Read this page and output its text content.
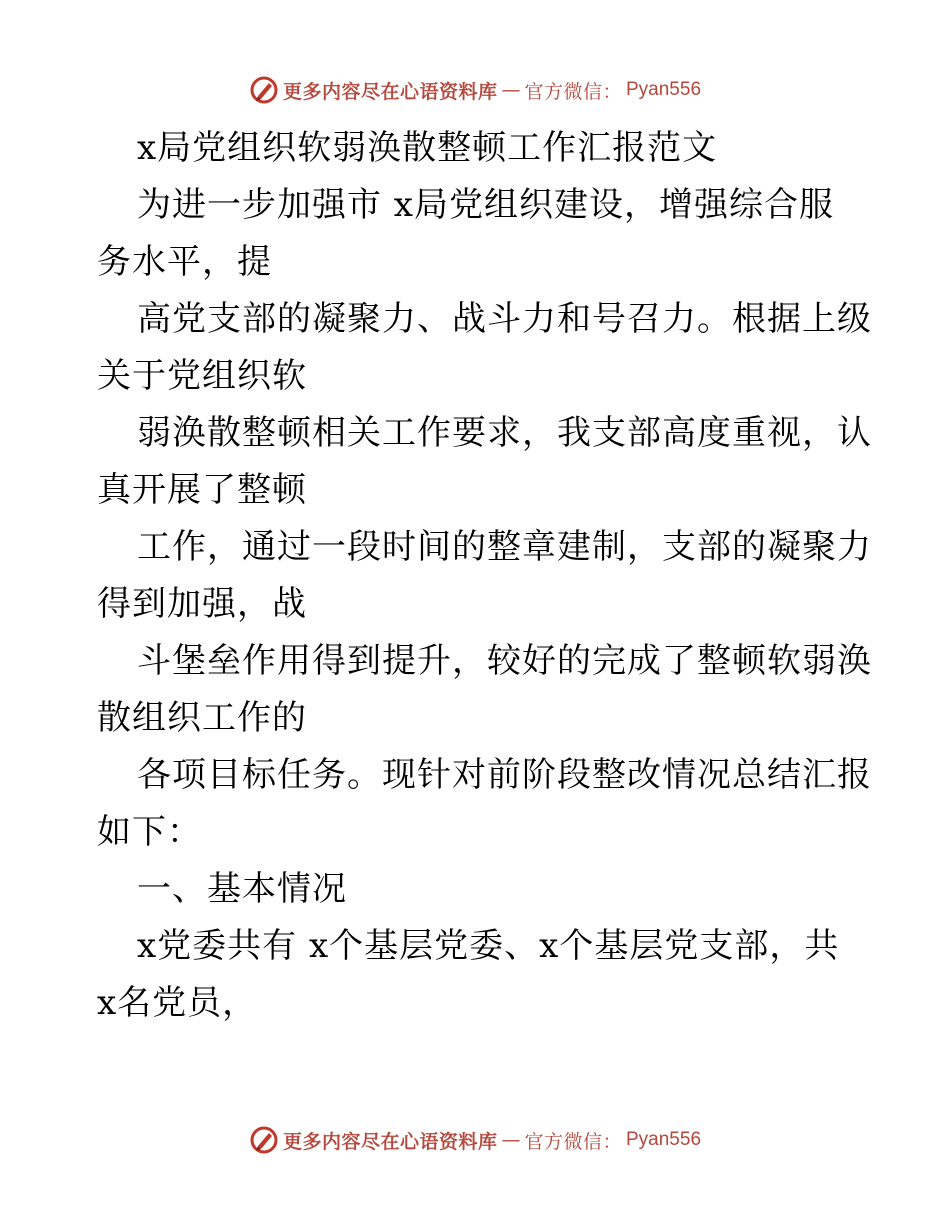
更多内容尽在心语资料库 — 官方微信： Pyan556
x局党组织软弱涣散整顿工作汇报范文
为进一步加强市 x局党组织建设，增强综合服
务水平，提
高党支部的凝聚力、战斗力和号召力。根据上级
关于党组织软
弱涣散整顿相关工作要求，我支部高度重视，认
真开展了整顿
工作，通过一段时间的整章建制，支部的凝聚力
得到加强，战
斗堡垒作用得到提升，较好的完成了整顿软弱涣
散组织工作的
各项目标任务。现针对前阶段整改情况总结汇报
如下：
一、基本情况
x党委共有 x个基层党委、x个基层党支部，共
x名党员，
更多内容尽在心语资料库 — 官方微信： Pyan556
